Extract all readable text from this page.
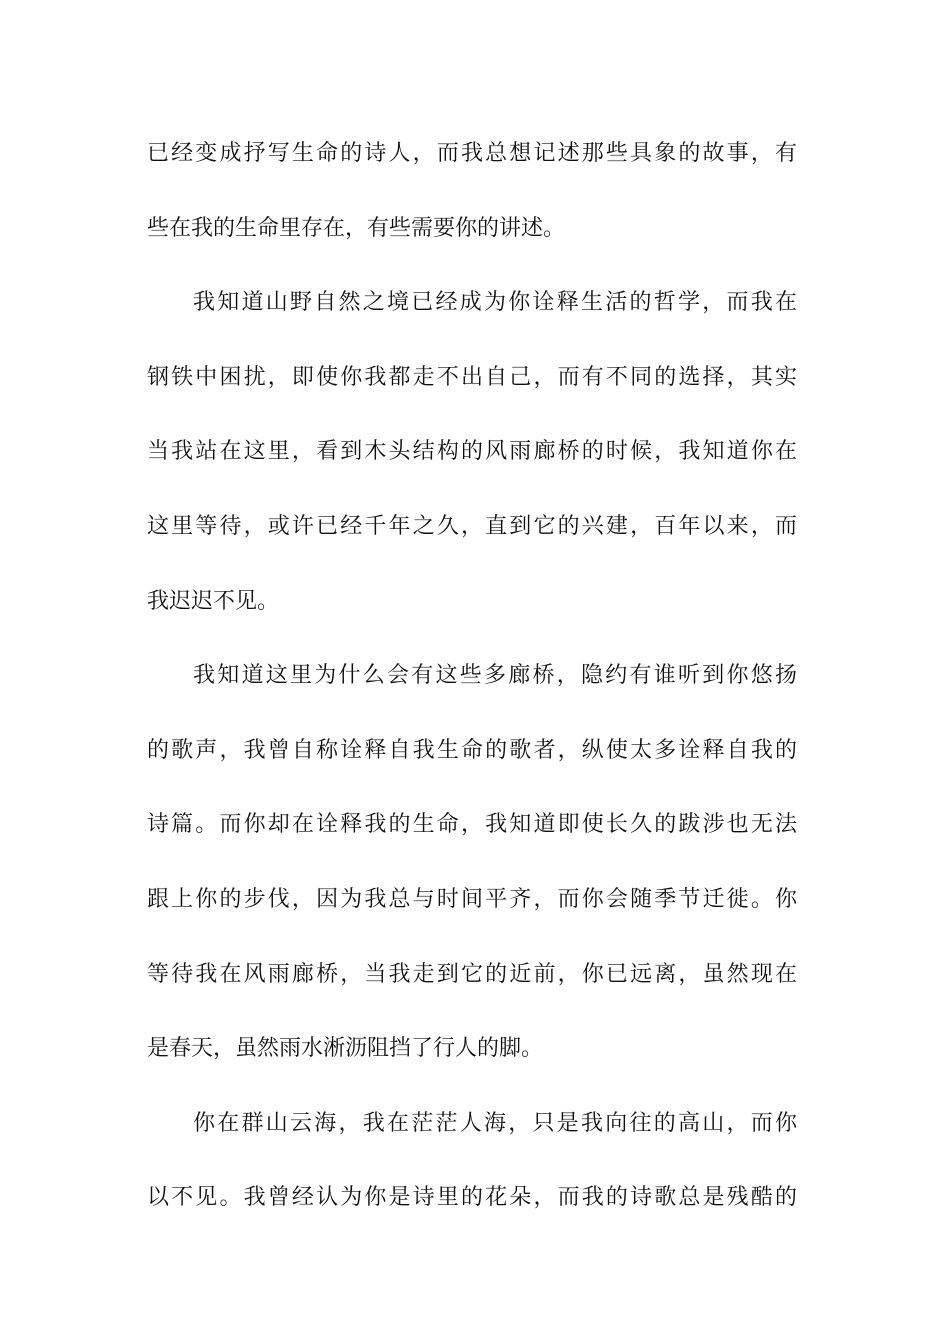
已经变成抒写生命的诗人，而我总想记述那些具象的故事，有
些在我的生命里存在，有些需要你的讲述。
我知道山野自然之境已经成为你诠释生活的哲学，而我在
钢铁中困扰，即使你我都走不出自己，而有不同的选择，其实
当我站在这里，看到木头结构的风雨廊桥的时候，我知道你在
这里等待，或许已经千年之久，直到它的兴建，百年以来，而
我迟迟不见。
我知道这里为什么会有这些多廊桥，隐约有谁听到你悠扬
的歌声，我曾自称诠释自我生命的歌者，纵使太多诠释自我的
诗篇。而你却在诠释我的生命，我知道即使长久的跋涉也无法
跟上你的步伐，因为我总与时间平齐，而你会随季节迁徙。你
等待我在风雨廊桥，当我走到它的近前，你已远离，虽然现在
是春天，虽然雨水淅沥阻挡了行人的脚。
你在群山云海，我在茫茫人海，只是我向往的高山，而你
以不见。我曾经认为你是诗里的花朵，而我的诗歌总是残酷的
